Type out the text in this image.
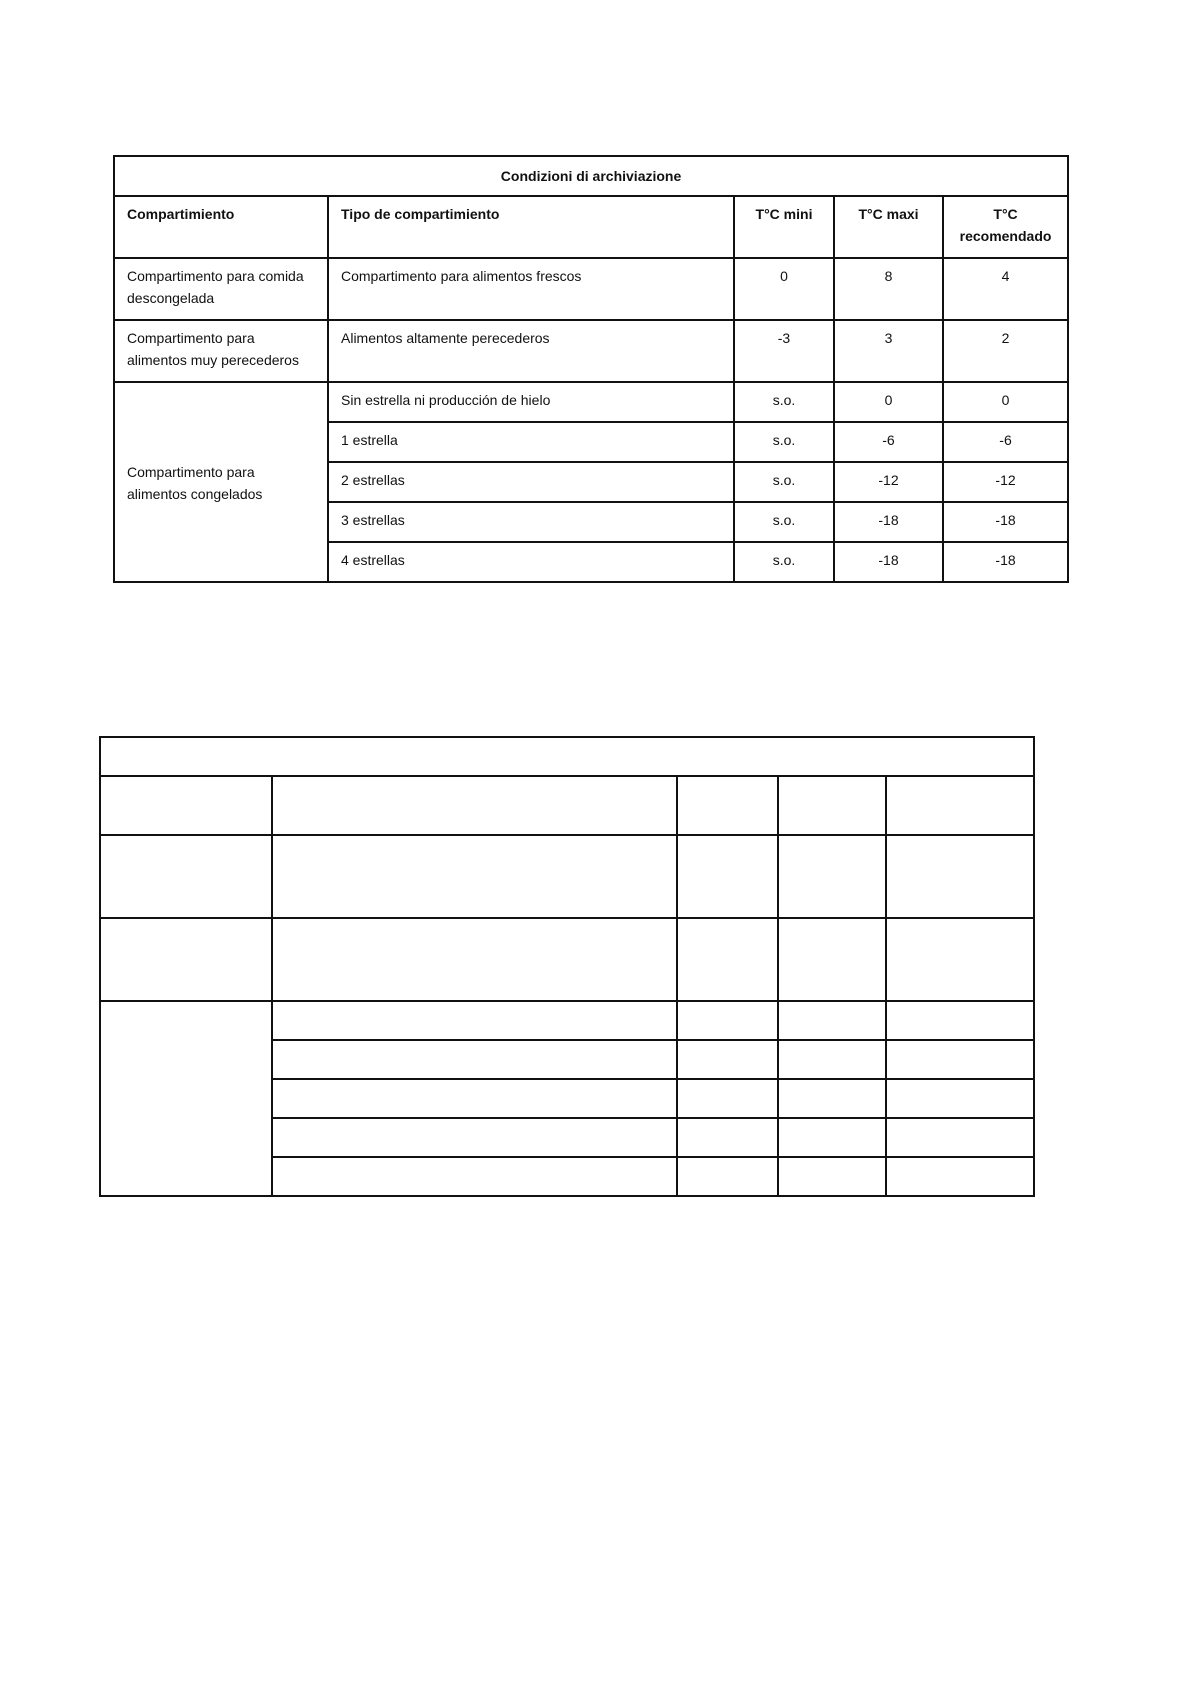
Condizioni di archiviazione				
Compartimiento	Tipo de compartimiento	T°C mini	T°C maxi	T°C recomendado
Compartimento para comida descongelada	Compartimento para alimentos frescos	0	8	4
Compartimento para alimentos muy perecederos	Alimentos altamente perecederos	-3	3	2
Compartimento para alimentos congelados	Sin estrella ni producción de hielo	s.o.	0	0
	1 estrella	s.o.	-6	-6
	2 estrellas	s.o.	-12	-12
	3 estrellas	s.o.	-18	-18
	4 estrellas	s.o.	-18	-18
